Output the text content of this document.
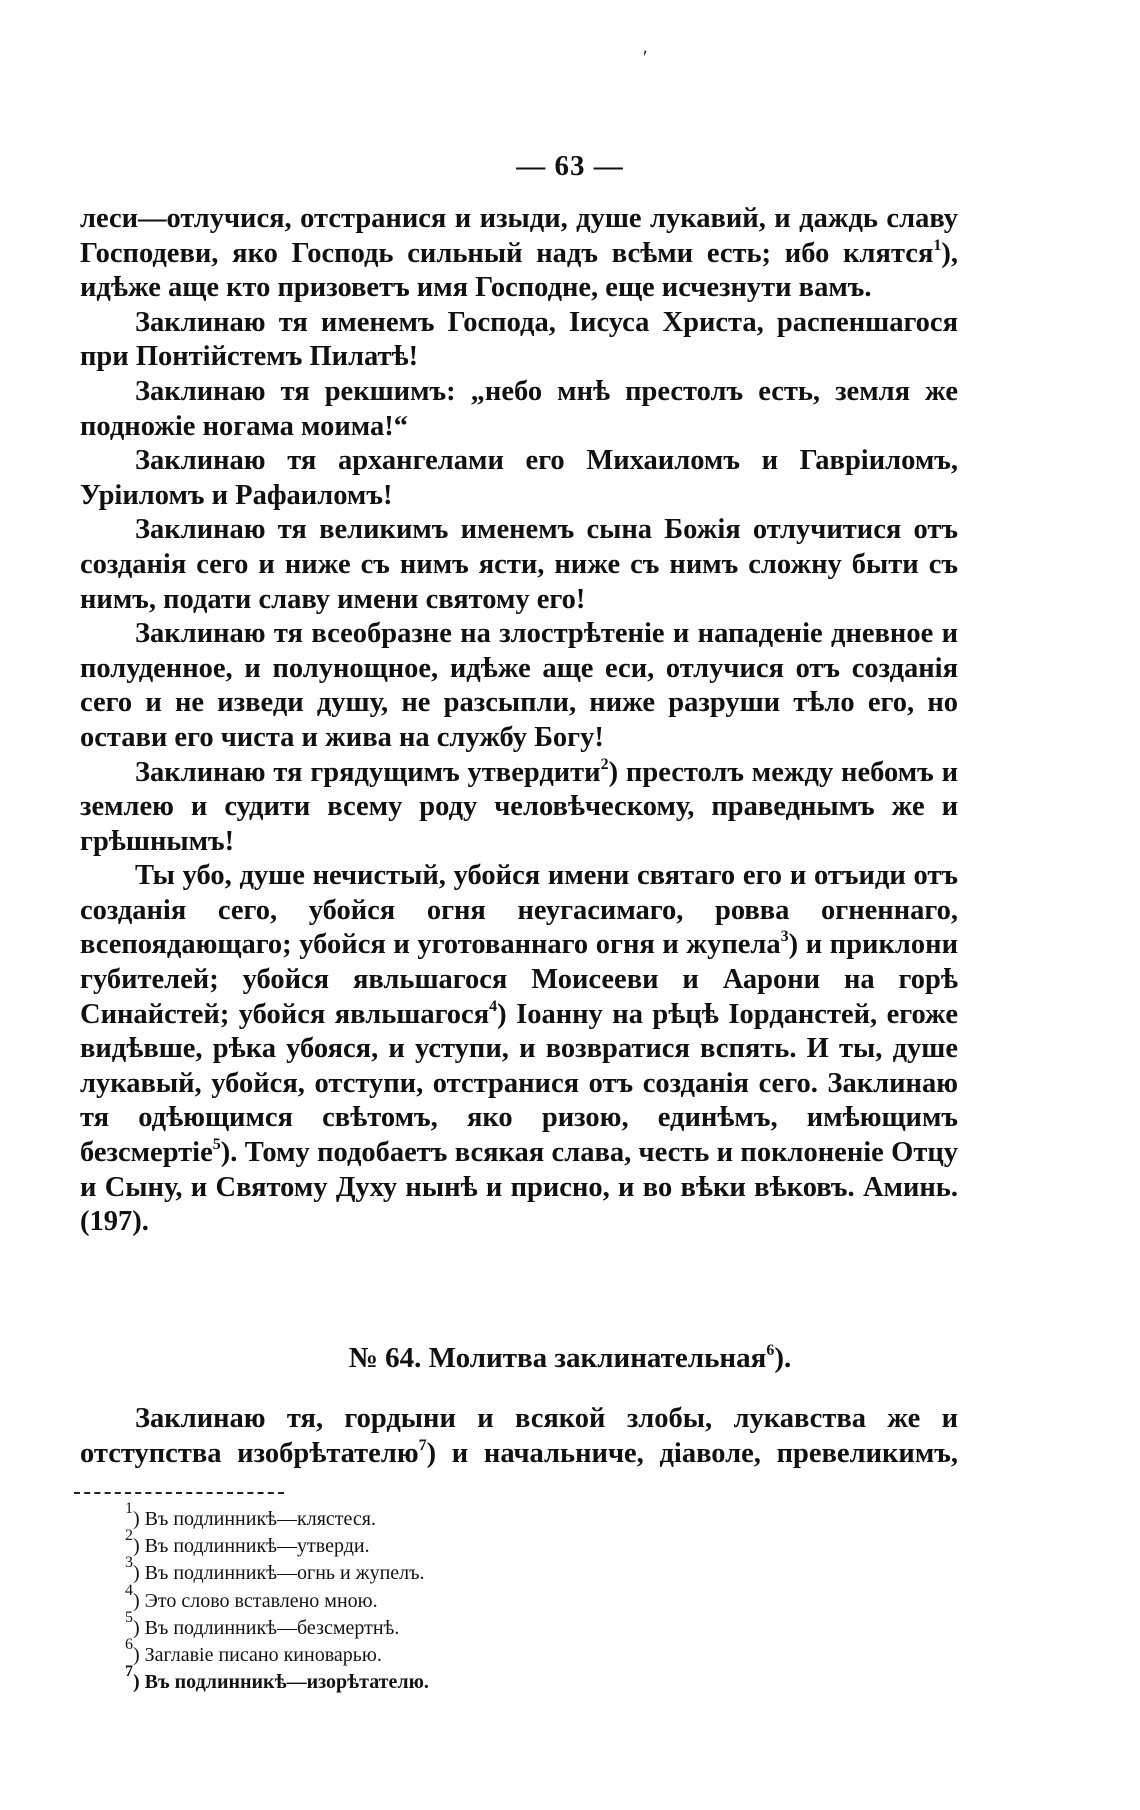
ʹ
— 63 —

леси—отлучися, отстранися и изыди, душе лукавий, и даждь славу Господеви, яко Господь сильный надъ всѣми есть; ибо клятся$^1$), идѣже аще кто призоветъ имя Господне, еще исчезнути вамъ.

Заклинаю тя именемъ Господа, Іисуса Христа, распеншагося при Понтійстемъ Пилатѣ!

Заклинаю тя рекшимъ: „небо мнѣ престолъ есть, земля же подножіе ногама моима!“

Заклинаю тя архангелами его Михаиломъ и Гавріиломъ, Уріиломъ и Рафаиломъ!

Заклинаю тя великимъ именемъ сына Божія отлучитися отъ созданія сего и ниже съ нимъ ясти, ниже съ нимъ сложну быти съ нимъ, подати славу имени святому его!

Заклинаю тя всеобразне на злострѣтеніе и нападеніе дневное и полуденное, и полунощное, идѣже аще еси, отлучися отъ созданія сего и не изведи душу, не разсыпли, ниже разруши тѣло его, но остави его чиста и жива на службу Богу!

Заклинаю тя грядущимъ утвердити$^2$) престолъ между небомъ и землею и судити всему роду человѣческому, праведнымъ же и грѣшнымъ!

Ты убо, душе нечистый, убойся имени святаго его и отъиди отъ созданія сего, убойся огня неугасимаго, ровва огненнаго, всепоядающаго; убойся и уготованнаго огня и жупела$^3$) и приклони губителей; убойся явльшагося Моисееви и Аарони на горѣ Синайстей; убойся явльшагося$^4$) Іоанну на рѣцѣ Іорданстей, егоже видѣвше, рѣка убояся, и уступи, и возвратися вспять. И ты, душе лукавый, убойся, отступи, отстранися отъ созданія сего. Заклинаю тя одѣющимся свѣтомъ, яко ризою, единѣмъ, имѣющимъ безсмертіе$^5$). Тому подобаетъ всякая слава, честь и поклоненіе Отцу и Сыну, и Святому Духу нынѣ и присно, и во вѣки вѣковъ. Аминь. (197).

№ 64. Молитва заклинательная$^6$).

Заклинаю тя, гордыни и всякой злобы, лукавства же и отступства изобрѣтателю$^7$) и начальниче, діаволе, превеликимъ,

$^1$) Въ подлинникѣ—клястеся.
$^2$) Въ подлинникѣ—утверди.
$^3$) Въ подлинникѣ—огнь и жупелъ.
$^4$) Это слово вставлено мною.
$^5$) Въ подлинникѣ—безсмертнѣ.
$^6$) Заглавіе писано киноварью.
$^7$) Въ подлинникѣ—изорѣтателю.
